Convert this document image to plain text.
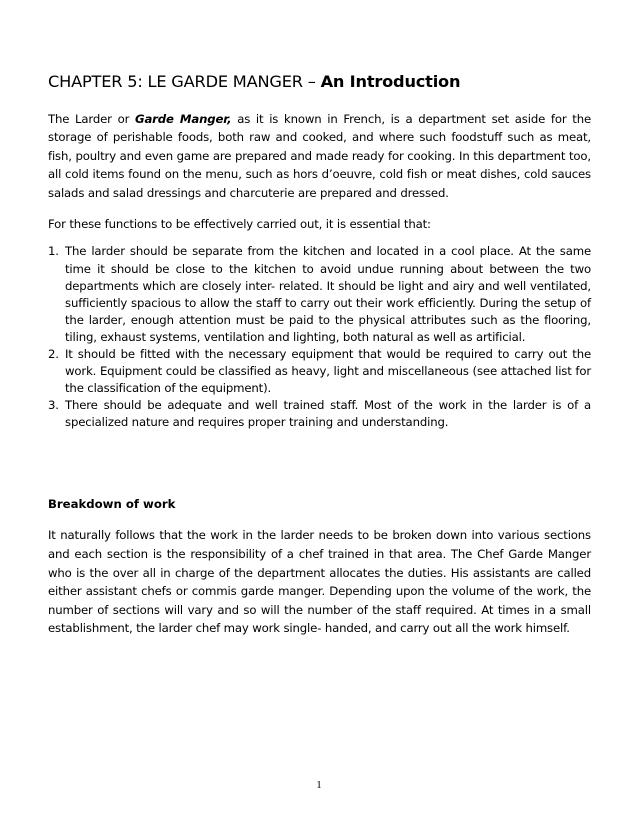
CHAPTER 5: LE GARDE MANGER – An Introduction

The Larder or Garde Manger, as it is known in French, is a department set aside for the storage of perishable foods, both raw and cooked, and where such foodstuff such as meat, fish, poultry and even game are prepared and made ready for cooking. In this department too, all cold items found on the menu, such as hors d’oeuvre, cold fish or meat dishes, cold sauces salads and salad dressings and charcuterie are prepared and dressed.

For these functions to be effectively carried out, it is essential that:

1. The larder should be separate from the kitchen and located in a cool place. At the same time it should be close to the kitchen to avoid undue running about between the two departments which are closely inter- related. It should be light and airy and well ventilated, sufficiently spacious to allow the staff to carry out their work efficiently. During the setup of the larder, enough attention must be paid to the physical attributes such as the flooring, tiling, exhaust systems, ventilation and lighting, both natural as well as artificial.
2. It should be fitted with the necessary equipment that would be required to carry out the work. Equipment could be classified as heavy, light and miscellaneous (see attached list for the classification of the equipment).
3. There should be adequate and well trained staff. Most of the work in the larder is of a specialized nature and requires proper training and understanding.
Breakdown of work

It naturally follows that the work in the larder needs to be broken down into various sections and each section is the responsibility of a chef trained in that area. The Chef Garde Manger who is the over all in charge of the department allocates the duties. His assistants are called either assistant chefs or commis garde manger. Depending upon the volume of the work, the number of sections will vary and so will the number of the staff required. At times in a small establishment, the larder chef may work single- handed, and carry out all the work himself.

1
